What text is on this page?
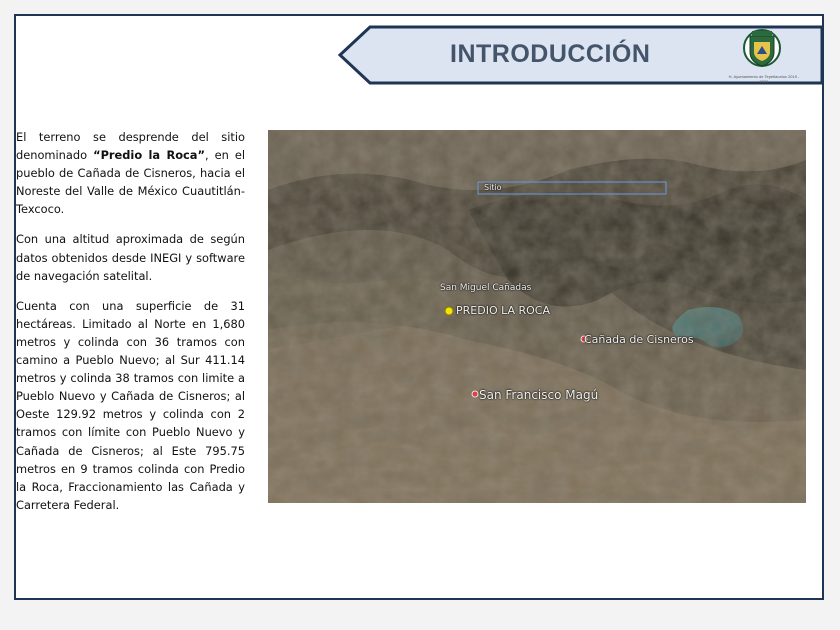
INTRODUCCIÓN
H. Ayuntamiento de Tepetlaoxtoc 2019 - 2021

El terreno se desprende del sitio denominado “Predio la Roca”, en el pueblo de Cañada de Cisneros, hacia el Noreste del Valle de México Cuautitlán-Texcoco.

Con una altitud aproximada de según datos obtenidos desde INEGI y software de navegación satelital.

Cuenta con una superficie de 31 hectáreas. Limitado al Norte en 1,680 metros y colinda con 36 tramos con camino a Pueblo Nuevo; al Sur 411.14 metros y colinda 38 tramos con limite a Pueblo Nuevo y Cañada de Cisneros; al Oeste 129.92 metros y colinda con 2 tramos con límite con Pueblo Nuevo y Cañada de Cisneros; al Este 795.75 metros en 9 tramos colinda con Predio la Roca, Fraccionamiento las Cañada y Carretera Federal.

Sitio
San Miguel Cañadas
PREDIO LA ROCA
Cañada de Cisneros
San Francisco Magú
